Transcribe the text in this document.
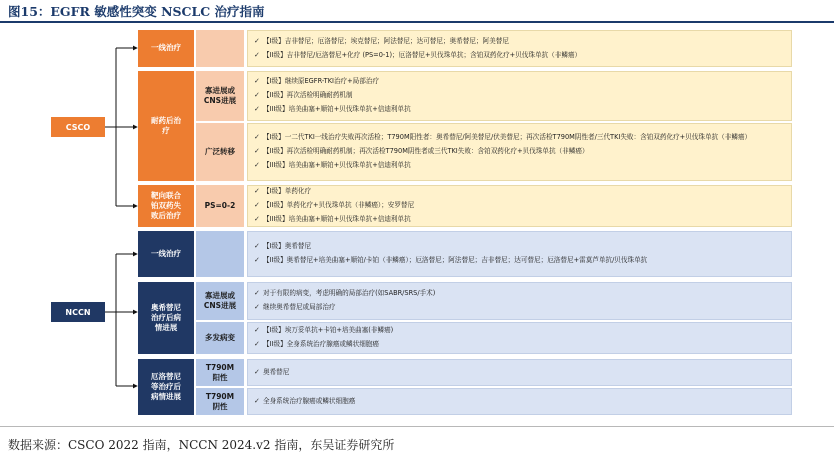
图15：EGFR 敏感性突变 NSCLC 治疗指南
CSCO
一线治疗
耐药后治
疗
靶向联合
铂双药失
败后治疗
寡进展或
CNS进展
广泛转移
PS=0-2
✓ 【I级】吉非替尼；厄洛替尼；埃克替尼；阿法替尼；达可替尼；奥希替尼；阿美替尼
✓ 【II级】吉非替尼/厄洛替尼+化疗 (PS=0-1)；厄洛替尼+贝伐珠单抗；含铂双药化疗+贝伐珠单抗（非鳞癌）
✓ 【I级】继续原EGFR-TKI治疗+局部治疗
✓ 【II级】再次活检明确耐药机制
✓ 【III级】培美曲塞+顺铂+贝伐珠单抗+信迪利单抗
✓ 【I级】一二代TKI一线治疗失败再次活检；T790M阳性者：奥希替尼/阿美替尼/伏美替尼；再次活检T790M阴性者/三代TKI失败：含铂双药化疗+贝伐珠单抗（非鳞癌）
✓ 【II级】再次活检明确耐药机制；再次活检T790M阴性者或三代TKI失败：含铂双药化疗+贝伐珠单抗（非鳞癌）
✓ 【III级】培美曲塞+顺铂+贝伐珠单抗+信迪利单抗
✓ 【I级】单药化疗
✓ 【II级】单药化疗+贝伐珠单抗（非鳞癌）；安罗替尼
✓ 【III级】培美曲塞+顺铂+贝伐珠单抗+信迪利单抗
NCCN
一线治疗
奥希替尼
治疗后病
情进展
厄洛替尼
等治疗后
病情进展
寡进展或
CNS进展
多发病变
T790M
阳性
T790M
阴性
✓ 【I级】奥希替尼
✓ 【II级】奥希替尼+培美曲塞+顺铂/卡铂（非鳞癌）；厄洛替尼；阿法替尼；吉非替尼；达可替尼；厄洛替尼+雷莫芦单抗/贝伐珠单抗
✓ 对于有限的病变，考虑明确的局部治疗(如SABR/SRS/手术)
✓ 继续奥希替尼或局部治疗
✓ 【I级】埃万妥单抗+卡铂+培美曲塞(非鳞癌)
✓ 【II级】全身系统治疗腺癌或鳞状细胞癌
✓ 奥希替尼
✓ 全身系统治疗腺癌或鳞状细胞癌
数据来源：CSCO 2022 指南，NCCN 2024.v2 指南，东吴证券研究所
